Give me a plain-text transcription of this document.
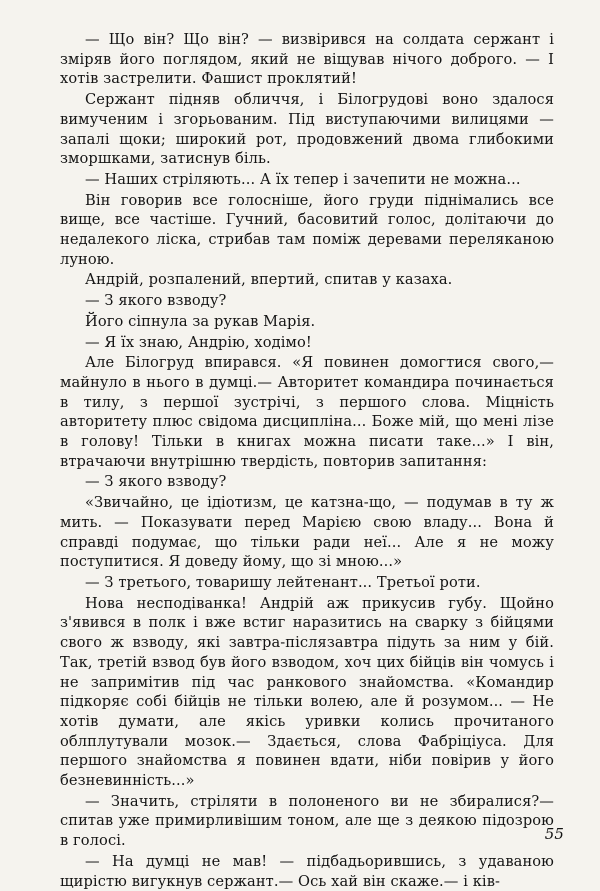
— Що він? Що він? — визвірився на солдата сержант і зміряв його поглядом, який не віщував нічого доброго. — І хотів застрелити. Фашист проклятий!

Сержант підняв обличчя, і Білогрудові воно здалося вимученим і згорьованим. Під виступаючими вилицями — запалі щоки; широкий рот, продовжений двома глибокими зморшками, затиснув біль.

— Наших стріляють... А їх тепер і зачепити не можна...

Він говорив все голосніше, його груди піднімались все вище, все частіше. Гучний, басовитий голос, долітаючи до недалекого ліска, стрибав там поміж деревами переляканою луною.

Андрій, розпалений, впертий, спитав у казаха.

— З якого взводу?

Його сіпнула за рукав Марія.

— Я їх знаю, Андрію, ходімо!

Але Білогруд впирався. «Я повинен домогтися свого,— майнуло в нього в думці.— Авторитет командира починається в тилу, з першої зустрічі, з першого слова. Міцність авторитету плюс свідома дисципліна... Боже мій, що мені лізе в голову! Тільки в книгах можна писати таке...» І він, втрачаючи внутрішню твердість, повторив запитання:

— З якого взводу?

«Звичайно, це ідіотизм, це катзна-що, — подумав в ту ж мить. — Показувати перед Марією свою владу... Вона й справді подумає, що тільки ради неї... Але я не можу поступитися. Я доведу йому, що зі мною...»

— З третього, товаришу лейтенант... Третьої роти.

Нова несподіванка! Андрій аж прикусив губу. Щойно з'явився в полк і вже встиг наразитись на сварку з бійцями свого ж взводу, які завтра-післязавтра підуть за ним у бій. Так, третій взвод був його взводом, хоч цих бійців він чомусь і не запримітив під час ранкового знайомства. «Командир підкоряє собі бійців не тільки волею, але й розумом... — Не хотів думати, але якісь уривки колись прочитаного облплутували мозок.— Здається, слова Фабріціуса. Для першого знайомства я повинен вдати, ніби повірив у його безневинність...»

— Значить, стріляти в полоненого ви не збиралися?— спитав уже примирливішим тоном, але ще з деякою підозрою в голосі.

— На думці не мав! — підбадьорившись, з удаваною щирістю вигукнув сержант.— Ось хай він скаже.— і ків-

55
